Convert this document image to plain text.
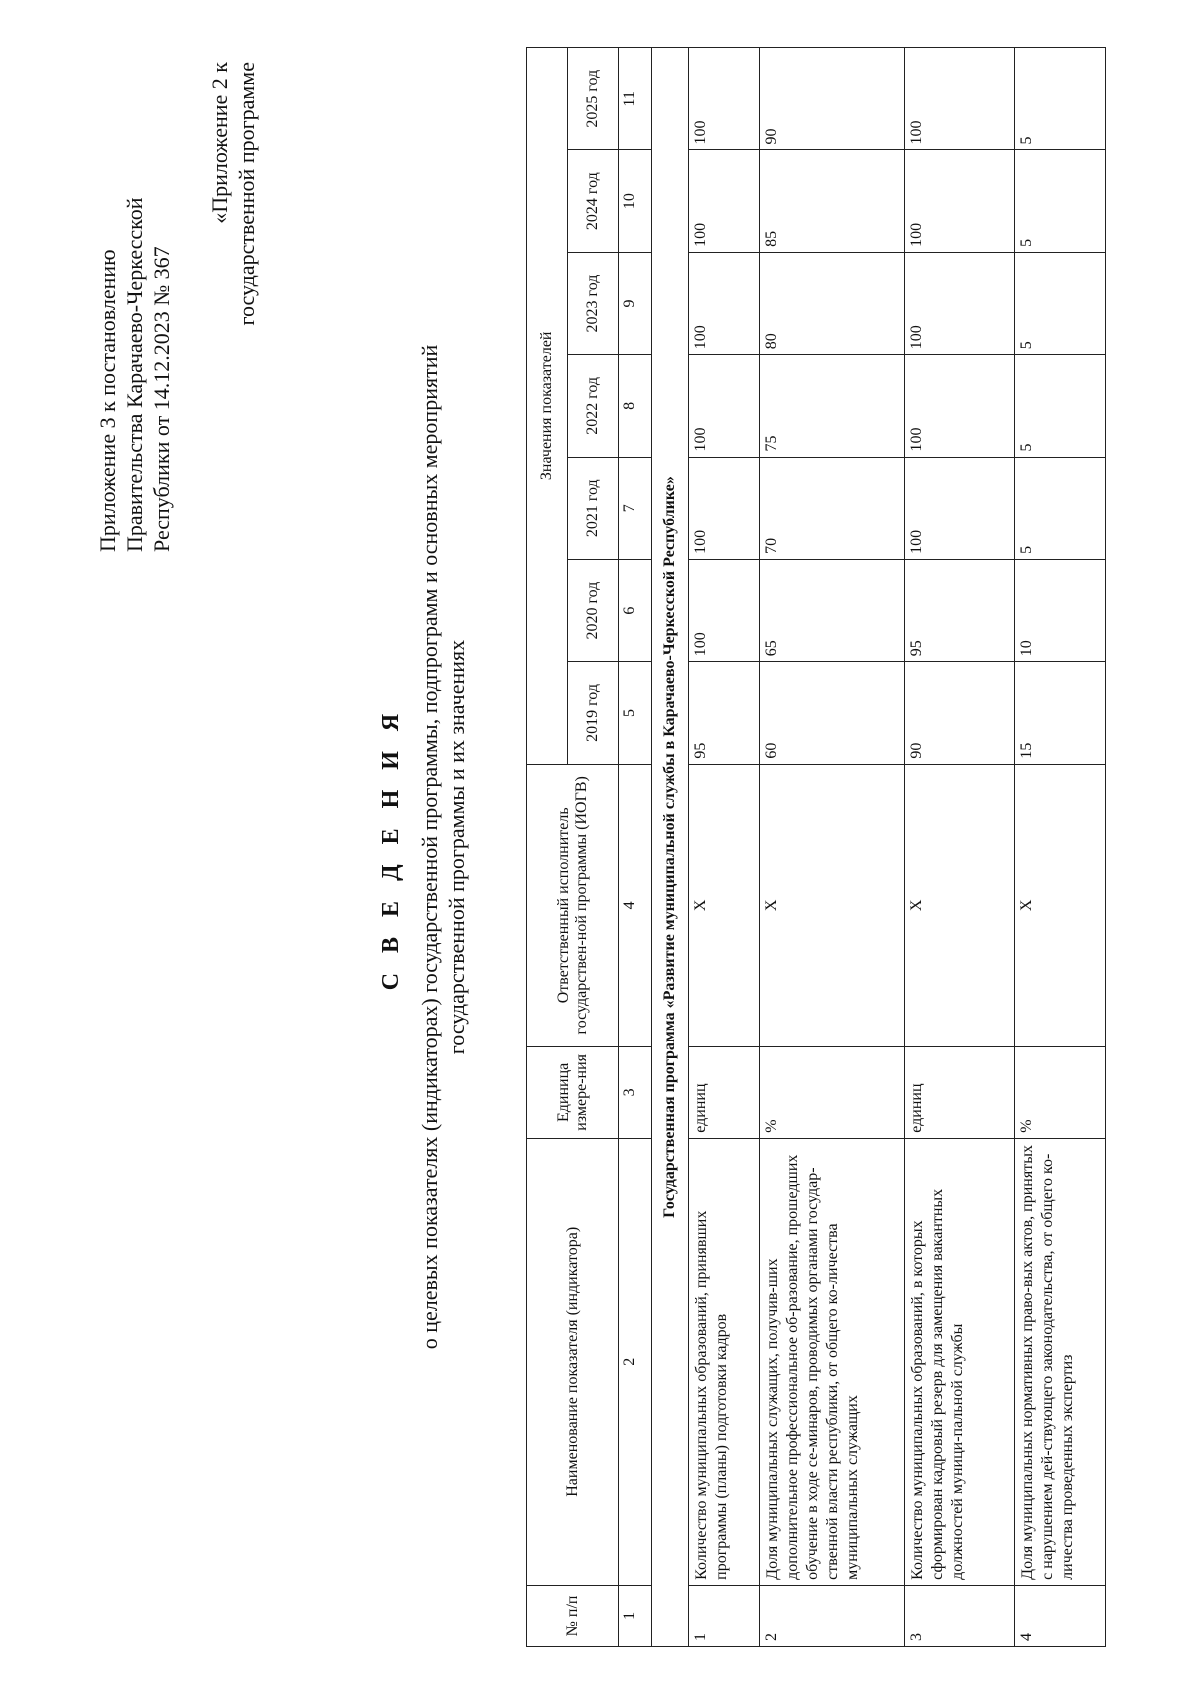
Приложение 3 к постановлению Правительства Карачаево-Черкесской Республики от 14.12.2023 № 367
«Приложение 2 к государственной программе
С В Е Д Е Н И Я о целевых показателях (индикаторах) государственной программы, подпрограмм и основных мероприятий государственной программы и их значениях
№ п/п	Наименование показателя (индикатора)	Единица измере-ния	Ответственный исполнитель государствен-ной программы (ИОГВ)	Значения показателей						
				2019 год	2020 год	2021 год	2022 год	2023 год	2024 год	2025 год
1	2	3	4	5	6	7	8	9	10	11
Государственная программа «Развитие муниципальной службы в Карачаево-Черкесской Республике»										
1	Количество муниципальных образований, принявших программы (планы) подготовки кадров	единиц	Х	95	100	100	100	100	100	100
2	Доля муниципальных служащих, получив-ших дополнительное профессиональное об-разование, прошедших обучение в ходе се-минаров, проводимых органами государ-ственной власти республики, от общего ко-личества муниципальных служащих	%	Х	60	65	70	75	80	85	90
3	Количество муниципальных образований, в которых сформирован кадровый резерв для замещения вакантных должностей муници-пальной службы	единиц	Х	90	95	100	100	100	100	100
4	Доля муниципальных нормативных право-вых актов, принятых с нарушением дей-ствующего законодательства, от общего ко-личества проведенных экспертиз	%	Х	15	10	5	5	5	5	5
